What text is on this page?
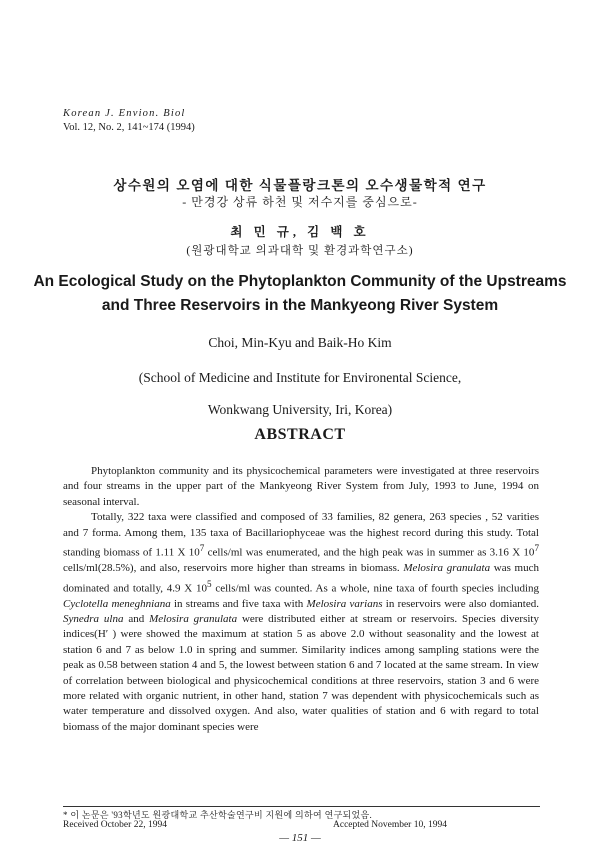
Korean J. Envion. Biol
Vol. 12, No. 2, 141~174 (1994)
상수원의 오염에 대한 식물플랑크톤의 오수생물학적 연구
- 만경강 상류 하천 및 저수지를 중심으로-
최 민 규, 김 백 호
(원광대학교 의과대학 및 환경과학연구소)
An Ecological Study on the Phytoplankton Community of the Upstreams
and Three Reservoirs in the Mankyeong River System
Choi, Min-Kyu and Baik-Ho Kim
(School of Medicine and Institute for Environental Science,
Wonkwang University, Iri, Korea)
ABSTRACT

Phytoplankton community and its physicochemical parameters were investigated at three reservoirs and four streams in the upper part of the Mankyeong River System from July, 1993 to June, 1994 on seasonal interval.

Totally, 322 taxa were classified and composed of 33 families, 82 genera, 263 species , 52 varities and 7 forma. Among them, 135 taxa of Bacillariophyceae was the highest record during this study. Total standing biomass of 1.11 X $10^7$ cells/ml was enumerated, and the high peak was in summer as 3.16 X $10^7$ cells/ml(28.5%), and also, reservoirs more higher than streams in biomass. Melosira granulata was much dominated and totally, 4.9 X $10^5$ cells/ml was counted. As a whole, nine taxa of fourth species including Cyclotella meneghniana in streams and five taxa with Melosira varians in reservoirs were also domianted. Synedra ulna and Melosira granulata were distributed either at stream or reservoirs. Species diversity indices(H′ ) were showed the maximum at station 5 as above 2.0 without seasonality and the lowest at station 6 and 7 as below 1.0 in spring and summer. Similarity indices among sampling stations were the peak as 0.58 between station 4 and 5, the lowest between station 6 and 7 located at the same stream. In view of correlation between biological and physicochemical conditions at three reservoirs, station 3 and 6 were more related with organic nutrient, in other hand, station 7 was dependent with physicochemicals such as water temperature and dissolved oxygen. And also, water qualities of station and 6 with regard to total biomass of the major dominant species were

* 이 논문은 '93학년도 원광대학교 추산학술연구비 지원에 의하여 연구되었음.
Received October 22, 1994	Accepted November 10, 1994
— 151 —
